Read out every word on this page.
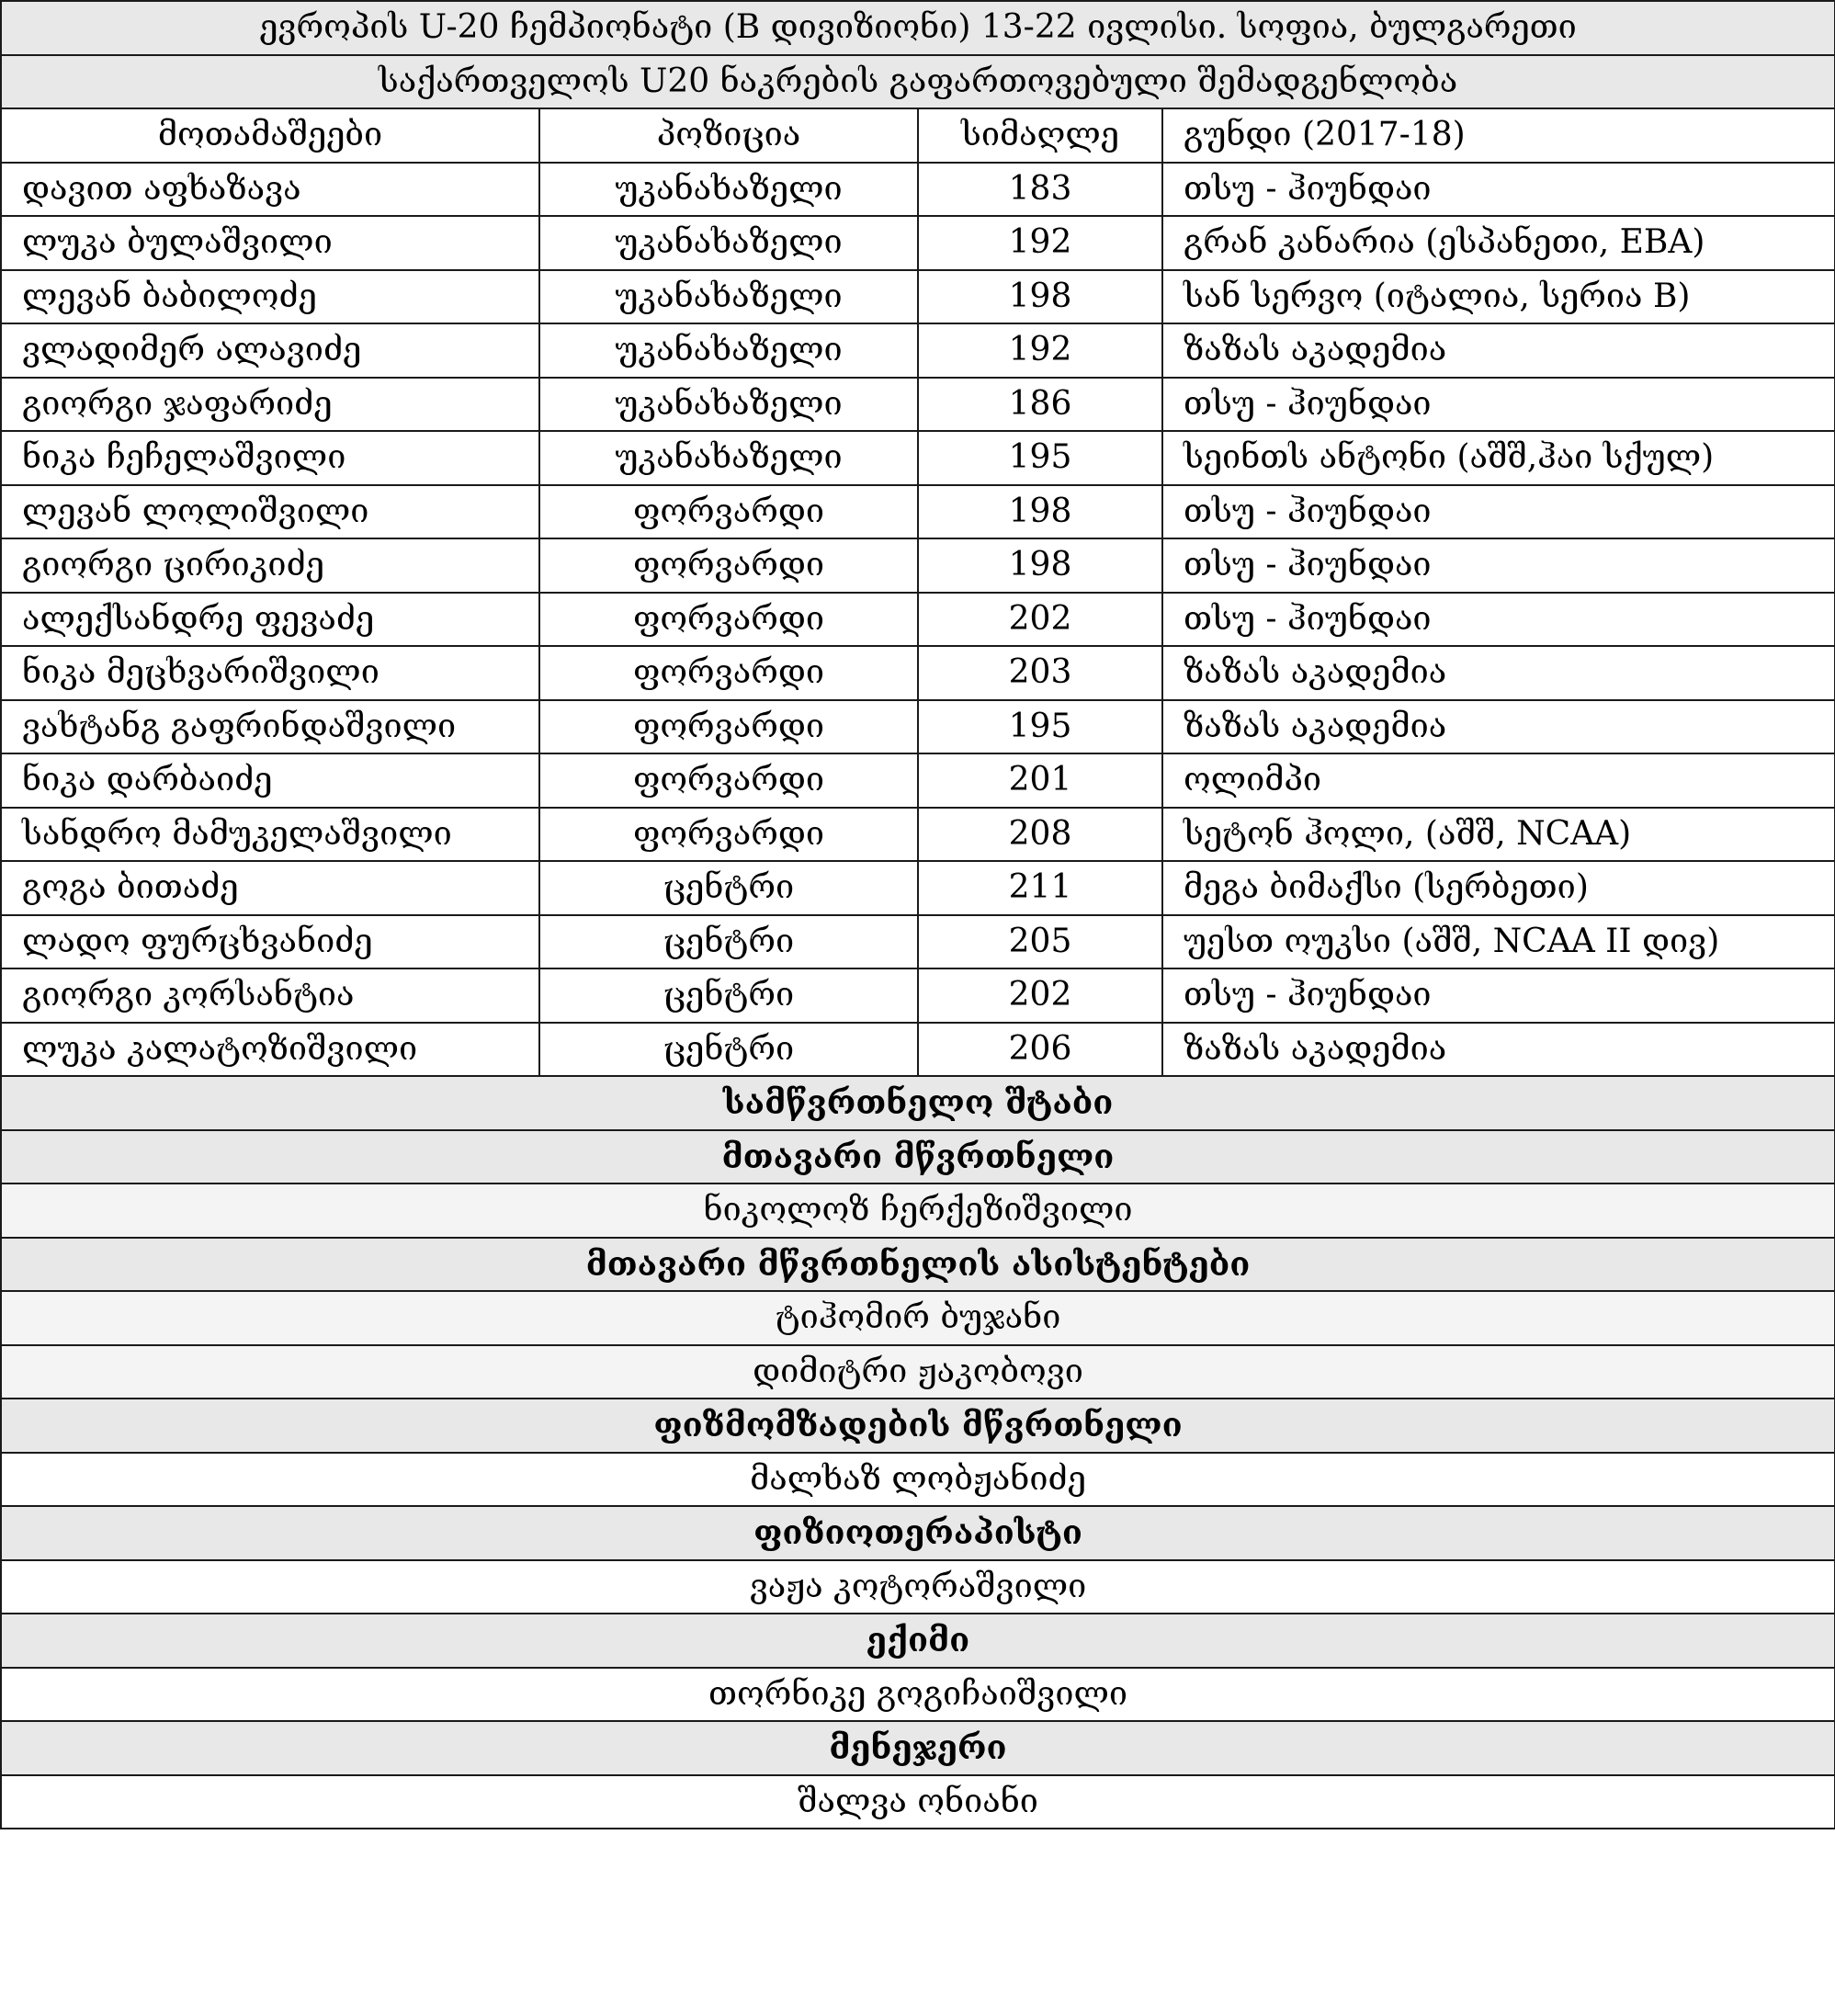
ევროპის U-20 ჩემპიონატი (B დივიზიონი) 13-22 ივლისი. სოფია, ბულგარეთი			
საქართველოს U20 ნაკრების გაფართოვებული შემადგენლობა			
მოთამაშეები	პოზიცია	სიმაღლე	გუნდი (2017-18)
დავით აფხაზავა	უკანახაზელი	183	თსუ - ჰიუნდაი
ლუკა ბულაშვილი	უკანახაზელი	192	გრან კანარია (ესპანეთი, EBA)
ლევან ბაბილოძე	უკანახაზელი	198	სან სერვო (იტალია, სერია B)
ვლადიმერ ალავიძე	უკანახაზელი	192	ზაზას აკადემია
გიორგი ჯაფარიძე	უკანახაზელი	186	თსუ - ჰიუნდაი
ნიკა ჩეჩელაშვილი	უკანახაზელი	195	სეინთს ანტონი (აშშ,ჰაი სქულ)
ლევან ლოლიშვილი	ფორვარდი	198	თსუ - ჰიუნდაი
გიორგი ცირიკიძე	ფორვარდი	198	თსუ - ჰიუნდაი
ალექსანდრე ფევაძე	ფორვარდი	202	თსუ - ჰიუნდაი
ნიკა მეცხვარიშვილი	ფორვარდი	203	ზაზას აკადემია
ვახტანგ გაფრინდაშვილი	ფორვარდი	195	ზაზას აკადემია
ნიკა დარბაიძე	ფორვარდი	201	ოლიმპი
სანდრო მამუკელაშვილი	ფორვარდი	208	სეტონ ჰოლი, (აშშ, NCAA)
გოგა ბითაძე	ცენტრი	211	მეგა ბიმაქსი (სერბეთი)
ლადო ფურცხვანიძე	ცენტრი	205	უესთ ოუკსი (აშშ, NCAA II დივ)
გიორგი კორსანტია	ცენტრი	202	თსუ - ჰიუნდაი
ლუკა კალატოზიშვილი	ცენტრი	206	ზაზას აკადემია
სამწვრთნელო შტაბი			
მთავარი მწვრთნელი			
ნიკოლოზ ჩერქეზიშვილი			
მთავარი მწვრთნელის ასისტენტები			
ტიჰომირ ბუჯანი			
დიმიტრი ჟაკობოვი			
ფიზმომზადების მწვრთნელი			
მალხაზ ლობჟანიძე			
ფიზიოთერაპისტი			
ვაჟა კოტორაშვილი			
ექიმი			
თორნიკე გოგიჩაიშვილი			
მენეჯერი			
შალვა ონიანი			
